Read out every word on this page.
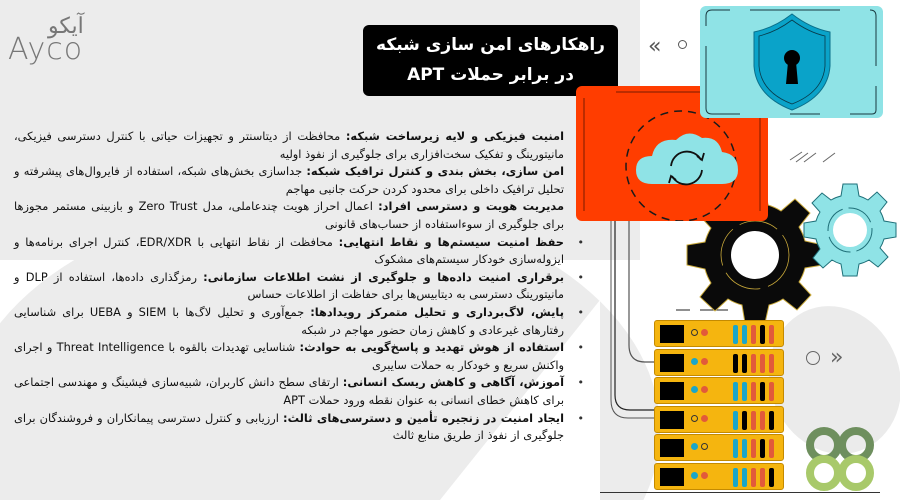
آیکو
Ayco	راهکارهای امن سازی شبکه
در برابر حملات APT
امنیت فیزیکی و لایه زیرساخت شبکه: محافظت از دیتاسنتر و تجهیزات حیاتی با کنترل دسترسی فیزیکی، مانیتورینگ و تفکیک سخت‌افزاری برای جلوگیری از نفوذ اولیه
امن سازی، بخش بندی و کنترل ترافیک شبکه: جداسازی بخش‌های شبکه، استفاده از فایروال‌های پیشرفته و تحلیل ترافیک داخلی برای محدود کردن حرکت جانبی مهاجم
مدیریت هویت و دسترسی افراد: اعمال احراز هویت چندعاملی، مدل Zero Trust و بازبینی مستمر مجوزها برای جلوگیری از سوءاستفاده از حساب‌های قانونی
•
حفظ امنیت سیستم‌ها و نقاط انتهایی: محافظت از نقاط انتهایی با EDR/XDR، کنترل اجرای برنامه‌ها و ایزوله‌سازی خودکار سیستم‌های مشکوک
•
برقراری امنیت داده‌ها و جلوگیری از نشت اطلاعات سازمانی: رمزگذاری داده‌ها، استفاده از DLP و مانیتورینگ دسترسی به دیتابیس‌ها برای حفاظت از اطلاعات حساس
•
پایش، لاگ‌برداری و تحلیل متمرکز رویدادها: جمع‌آوری و تحلیل لاگ‌ها با SIEM و UEBA برای شناسایی رفتارهای غیرعادی و کاهش زمان حضور مهاجم در شبکه
•
استفاده از هوش تهدید و پاسخ‌گویی به حوادث: شناسایی تهدیدات بالقوه با Threat Intelligence و اجرای واکنش سریع و خودکار به حملات سایبری
•
آموزش، آگاهی و کاهش ریسک انسانی: ارتقای سطح دانش کاربران، شبیه‌سازی فیشینگ و مهندسی اجتماعی برای کاهش خطای انسانی به عنوان نقطه ورود حملات APT
•
ایجاد امنیت در زنجیره تأمین و دسترسی‌های ثالث: ارزیابی و کنترل دسترسی پیمانکاران و فروشندگان برای جلوگیری از نفوذ از طریق منابع ثالث
«
»
